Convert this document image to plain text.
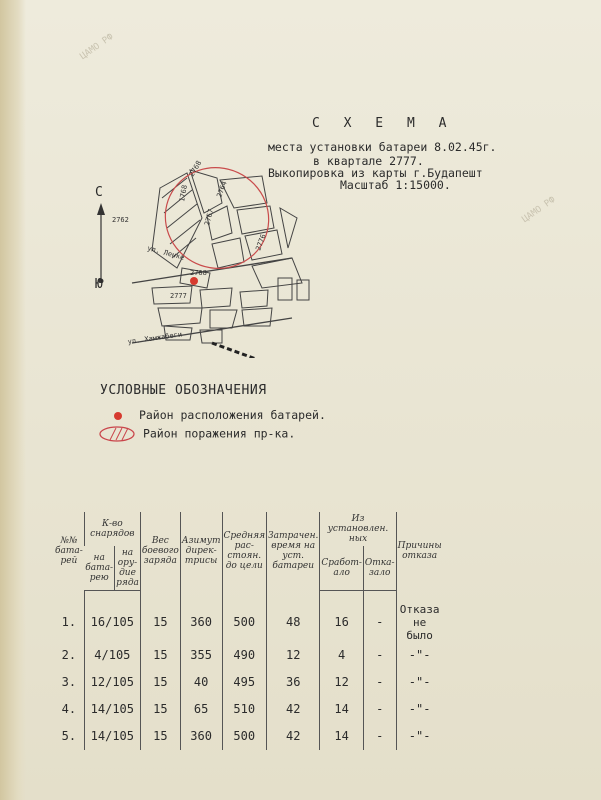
С Х Е М А
места установки батареи 8.02.45г.
в квартале 2777.
Выкопировка из карты г.Будапешт
Масштаб 1:15000.
С
Ю
2768
2762	2767
2776
2768
2777
1768	2764
ул. Ленке
ул. Хамжабеги
УСЛОВНЫЕ ОБОЗНАЧЕНИЯ
Район расположения батарей.
Район поражения пр-ка.
№№ бата-рей	К-во снарядов		Вес боевого заряда	Азимут дирек-трисы	Средняя рас-стоян. до цели	Затрачен. время на уст. батареи	Из установлен. ных		Причины отказа
	на бата-рею	на ору-дие ряда					Сработ-ало	Отка-зало	
1.	16/105		15	360	500	48	16	-	Отказа не было
2.	4/105		15	355	490	12	4	-	-"-
3.	12/105		15	40	495	36	12	-	-"-
4.	14/105		15	65	510	42	14	-	-"-
5.	14/105		15	360	500	42	14	-	-"-
ЦАМО РФ
ЦАМО РФ
